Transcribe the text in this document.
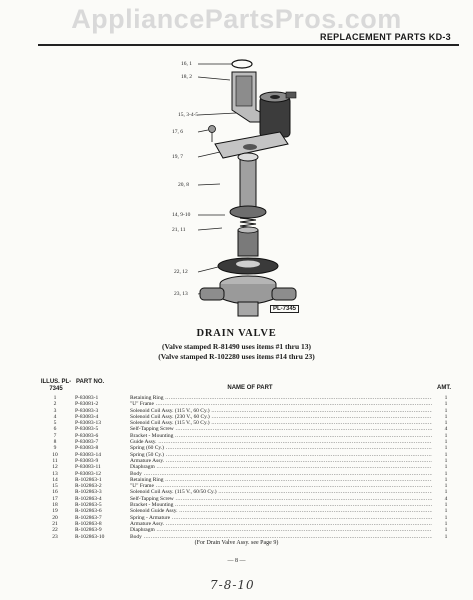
AppliancePartsPros.com
REPLACEMENT PARTS KD-3
16, 1
18, 2
15, 3-4-5
17, 6
19, 7
20, 8
14, 9-10
21, 11
22, 12
23, 13
PL-7345
DRAIN VALVE
(Valve stamped R-81490 uses items #1 thru 13)
(Valve stamped R-102280 uses items #14 thru 23)
ILLUS. PL-7345
PART NO.
NAME OF PART	AMT.
1	P-83083-1	Retaining Ring .....	1
2	P-83081-2	"U" Frame .....	1
3	P-83083-3	Solenoid Coil Assy. (115 V., 60 Cy.) .....	1
4	P-83083-4	Solenoid Coil Assy. (230 V., 60 Cy.) .....	1
5	P-83083-13	Solenoid Coil Assy. (115 V., 50 Cy.) .....	1
6	P-83083-5	Self-Tapping Screw .....	4
7	P-83083-6	Bracket - Mounting .....	1
8	P-83083-7	Guide Assy. .....	1
9	P-83083-8	Spring (60 Cy.) .....	1
10	P-83083-14	Spring (50 Cy.) .....	1
11	P-83083-9	Armature Assy. .....	1
12	P-83083-11	Diaphragm .....	1
13	P-83083-12	Body .....	1
14	R-102863-1	Retaining Ring .....	1
15	R-102863-2	"U" Frame .....	1
16	R-102863-3	Solenoid Coil Assy. (115 V., 60/50 Cy.) .....	1
17	R-102863-4	Self-Tapping Screw .....	4
18	R-102863-5	Bracket - Mounting .....	1
19	R-102863-6	Solenoid Guide Assy. .....	1
20	R-102863-7	Spring - Armature .....	1
21	R-102863-8	Armature Assy. .....	1
22	R-102863-9	Diaphragm .....	1
23	R-102863-10	Body .....	1
(For Drain Valve Assy. see Page 9)
— 8 —
7-8-10
